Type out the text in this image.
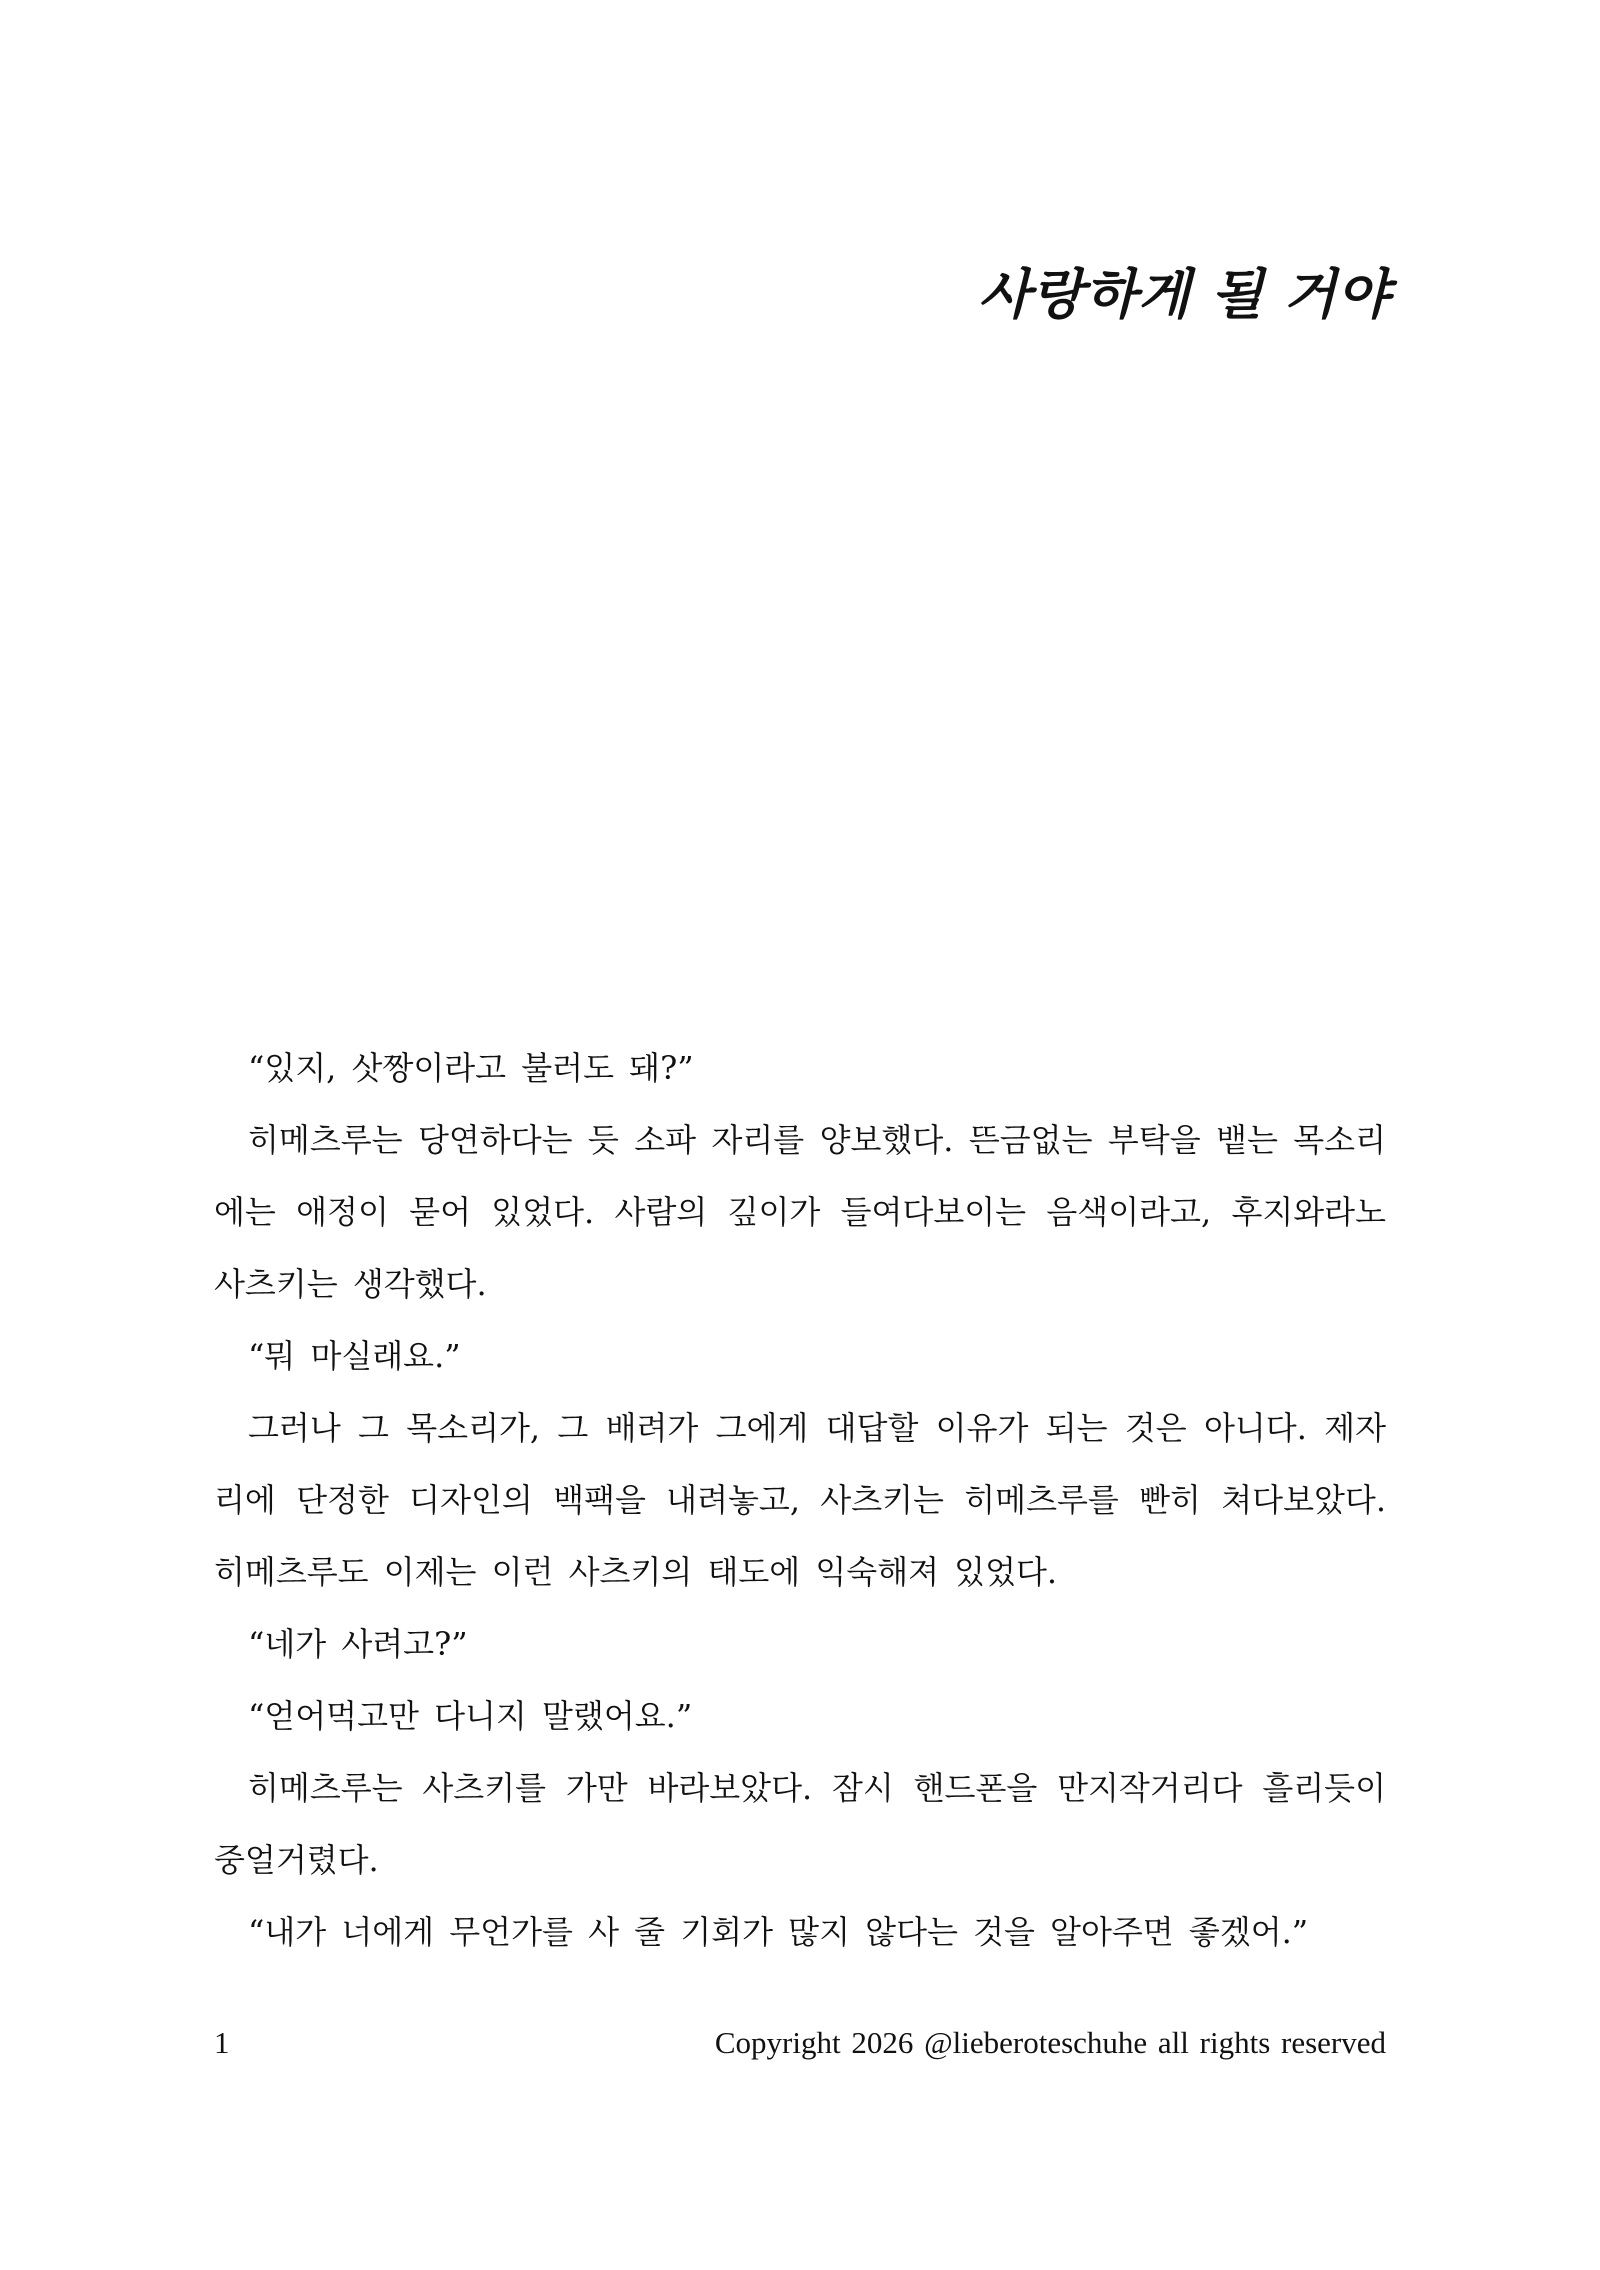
사랑하게 될 거야

“있지, 삿짱이라고 불러도 돼?”

히메츠루는 당연하다는 듯 소파 자리를 양보했다. 뜬금없는 부탁을 뱉는 목소리에는 애정이 묻어 있었다. 사람의 깊이가 들여다보이는 음색이라고, 후지와라노 사츠키는 생각했다.

“뭐 마실래요.”

그러나 그 목소리가, 그 배려가 그에게 대답할 이유가 되는 것은 아니다. 제자리에 단정한 디자인의 백팩을 내려놓고, 사츠키는 히메츠루를 빤히 쳐다보았다. 히메츠루도 이제는 이런 사츠키의 태도에 익숙해져 있었다.

“네가 사려고?”

“얻어먹고만 다니지 말랬어요.”

히메츠루는 사츠키를 가만 바라보았다. 잠시 핸드폰을 만지작거리다 흘리듯이 중얼거렸다.

“내가 너에게 무언가를 사 줄 기회가 많지 않다는 것을 알아주면 좋겠어.”

1	Copyright 2026 @lieberoteschuhe all rights reserved
